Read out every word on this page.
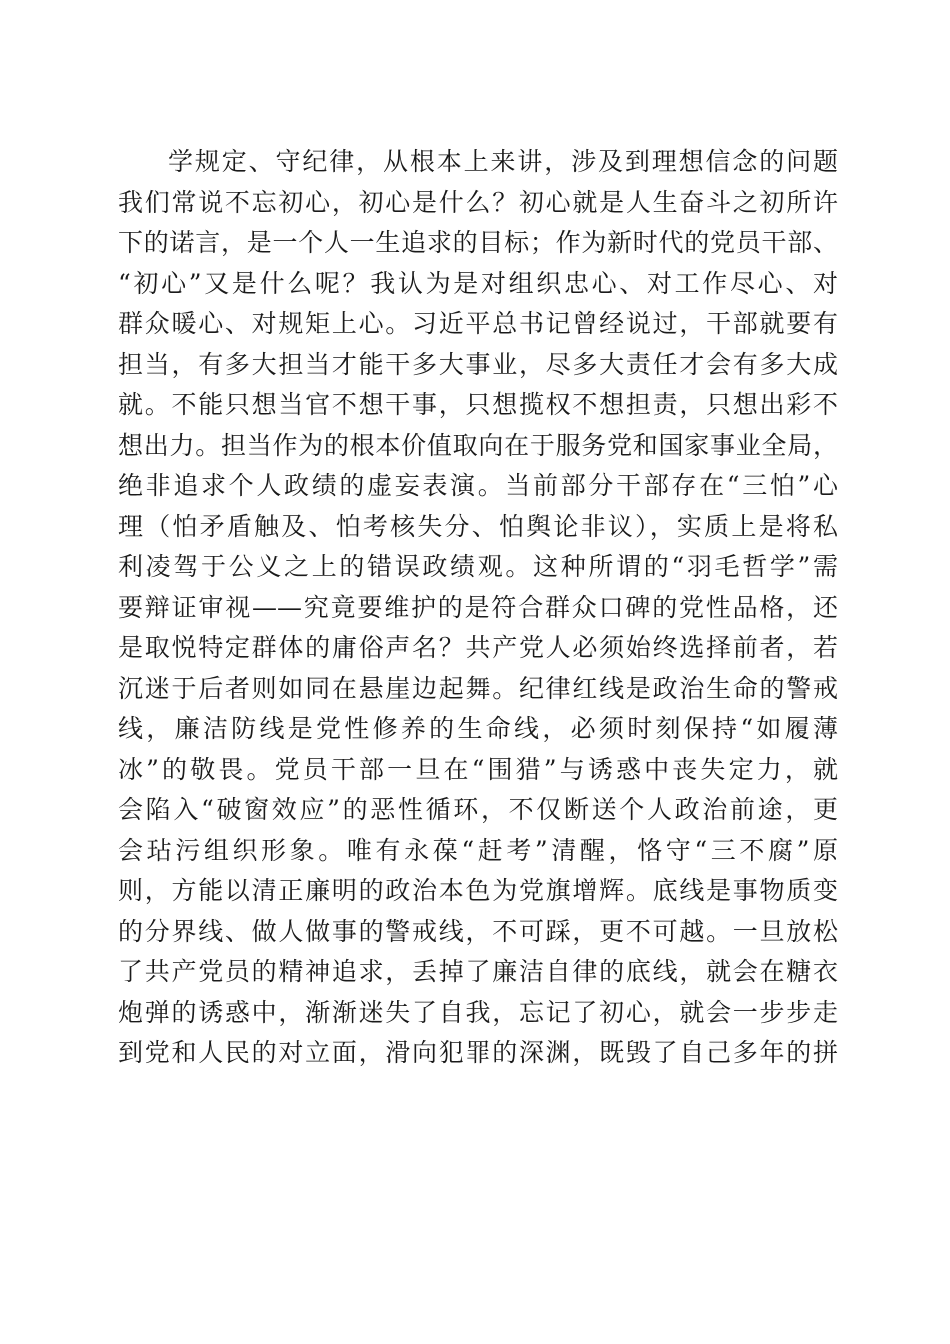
学规定、守纪律，从根本上来讲，涉及到理想信念的问题
我们常说不忘初心，初心是什么？初心就是人生奋斗之初所许
下的诺言，是一个人一生追求的目标；作为新时代的党员干部、
“初心”又是什么呢？我认为是对组织忠心、对工作尽心、对
群众暖心、对规矩上心。习近平总书记曾经说过，干部就要有
担当，有多大担当才能干多大事业，尽多大责任才会有多大成
就。不能只想当官不想干事，只想揽权不想担责，只想出彩不
想出力。担当作为的根本价值取向在于服务党和国家事业全局，
绝非追求个人政绩的虚妄表演。当前部分干部存在“三怕”心
理（怕矛盾触及、怕考核失分、怕舆论非议），实质上是将私
利凌驾于公义之上的错误政绩观。这种所谓的“羽毛哲学”需
要辩证审视——究竟要维护的是符合群众口碑的党性品格，还
是取悦特定群体的庸俗声名？共产党人必须始终选择前者，若
沉迷于后者则如同在悬崖边起舞。纪律红线是政治生命的警戒
线，廉洁防线是党性修养的生命线，必须时刻保持“如履薄
冰”的敬畏。党员干部一旦在“围猎”与诱惑中丧失定力，就
会陷入“破窗效应”的恶性循环，不仅断送个人政治前途，更
会玷污组织形象。唯有永葆“赶考”清醒，恪守“三不腐”原
则，方能以清正廉明的政治本色为党旗增辉。底线是事物质变
的分界线、做人做事的警戒线，不可踩，更不可越。一旦放松
了共产党员的精神追求，丢掉了廉洁自律的底线，就会在糖衣
炮弹的诱惑中，渐渐迷失了自我，忘记了初心，就会一步步走
到党和人民的对立面，滑向犯罪的深渊，既毁了自己多年的拼
